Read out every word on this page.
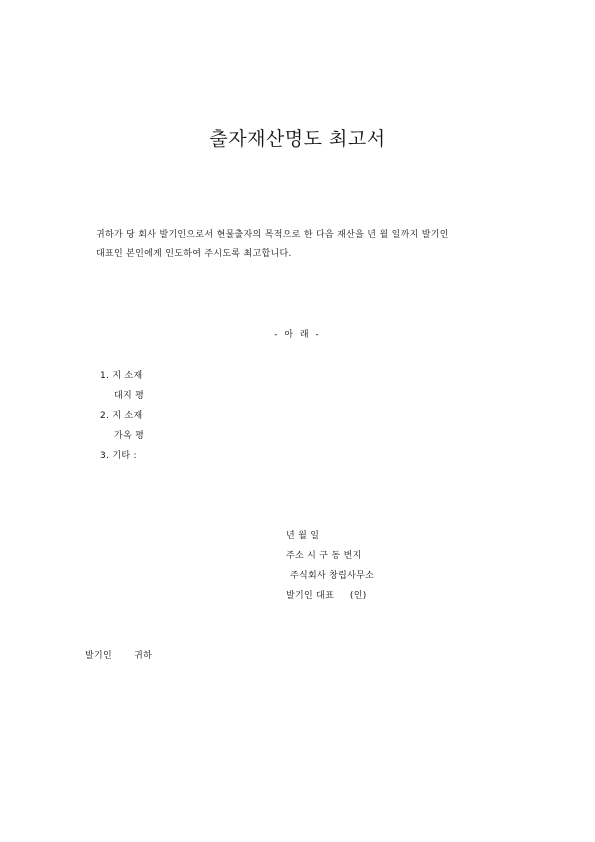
출자재산명도 최고서
귀하가 당 회사 발기인으로서 현물출자의 목적으로 한 다음 재산을 년 월 일까지 발기인
대표인 본인에게 인도하여 주시도록 최고합니다.
- 아 래 -
1. 지 소재
대지 평
2. 지 소재
가옥 평
3. 기타 :
년 월 일
주소 시 구 동 번지
주식회사 창립사무소
발기인 대표     (인)
발기인       귀하
